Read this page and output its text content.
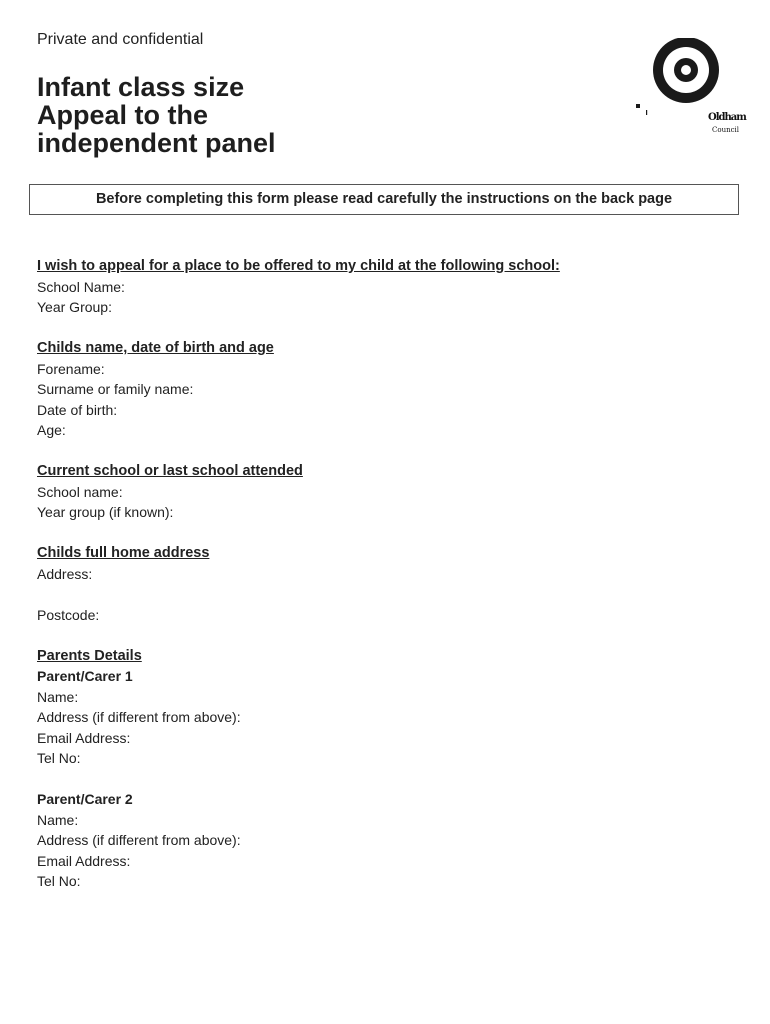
Private and confidential
Infant class size
Appeal to the
independent panel
Oldham
Council
Before completing this form please read carefully the instructions on the back page
I wish to appeal for a place to be offered to my child at the following school:
School Name:
Year Group:
Childs name, date of birth and age
Forename:
Surname or family name:
Date of birth:
Age:
Current school or last school attended
School name:
Year group (if known):
Childs full home address
Address:
Postcode:
Parents Details
Parent/Carer 1
Name:
Address (if different from above):
Email Address:
Tel No:
Parent/Carer 2
Name:
Address (if different from above):
Email Address:
Tel No:
